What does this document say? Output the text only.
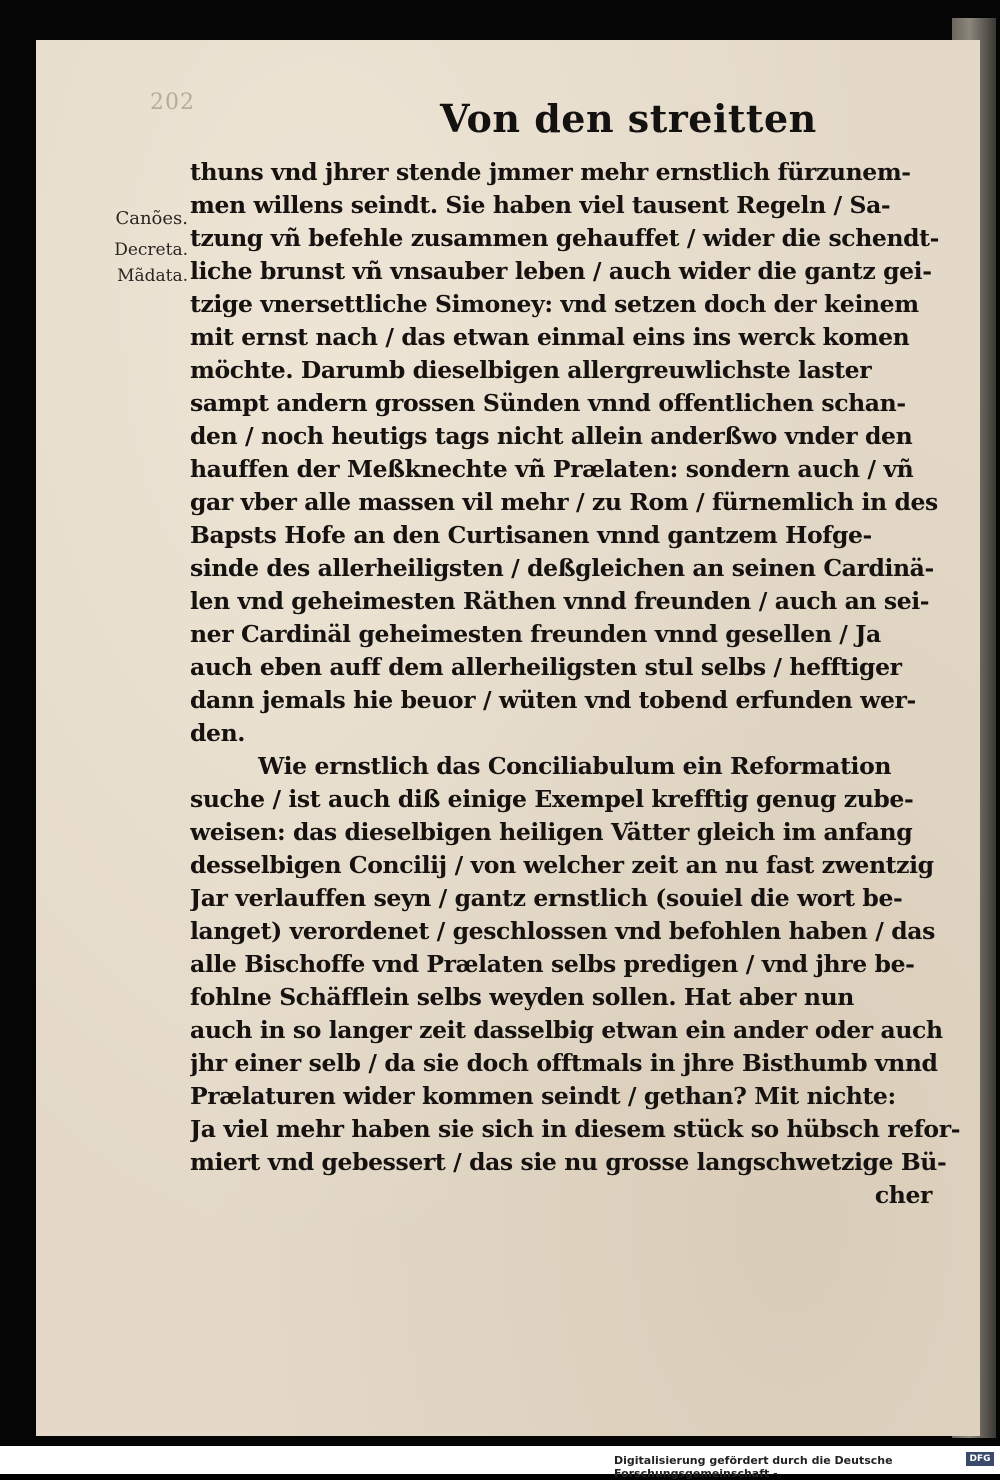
202	Von den streitten
Canões.
Decreta.
Mãdata.
thuns vnd jhrer stende jmmer mehr ernstlich fürzunem-
men willens seindt. Sie haben viel tausent Regeln / Sa-
tzung vñ befehle zusammen gehauffet / wider die schendt-
liche brunst vñ vnsauber leben / auch wider die gantz gei-
tzige vnersettliche Simoney: vnd setzen doch der keinem
mit ernst nach / das etwan einmal eins ins werck komen
möchte. Darumb dieselbigen allergreuwlichste laster
sampt andern grossen Sünden vnnd offentlichen schan-
den / noch heutigs tags nicht allein anderßwo vnder den
hauffen der Meßknechte vñ Prælaten: sondern auch / vñ
gar vber alle massen vil mehr / zu Rom / fürnemlich in des
Bapsts Hofe an den Curtisanen vnnd gantzem Hofge-
sinde des allerheiligsten / deßgleichen an seinen Cardinä-
len vnd geheimesten Räthen vnnd freunden / auch an sei-
ner Cardinäl geheimesten freunden vnnd gesellen / Ja
auch eben auff dem allerheiligsten stul selbs / hefftiger
dann jemals hie beuor / wüten vnd tobend erfunden wer-
den.
Wie ernstlich das Conciliabulum ein Reformation
suche / ist auch diß einige Exempel krefftig genug zube-
weisen: das dieselbigen heiligen Vätter gleich im anfang
desselbigen Concilij / von welcher zeit an nu fast zwentzig
Jar verlauffen seyn / gantz ernstlich (souiel die wort be-
langet) verordenet / geschlossen vnd befohlen haben / das
alle Bischoffe vnd Prælaten selbs predigen / vnd jhre be-
fohlne Schäfflein selbs weyden sollen. Hat aber nun
auch in so langer zeit dasselbig etwan ein ander oder auch
jhr einer selb / da sie doch offtmals in jhre Bisthumb vnnd
Prælaturen wider kommen seindt / gethan? Mit nichte:
Ja viel mehr haben sie sich in diesem stück so hübsch refor-
miert vnd gebessert / das sie nu grosse langschwetzige Bü-
cher
Digitalisierung gefördert durch die Deutsche Forschungsgemeinschaft -
DFG
